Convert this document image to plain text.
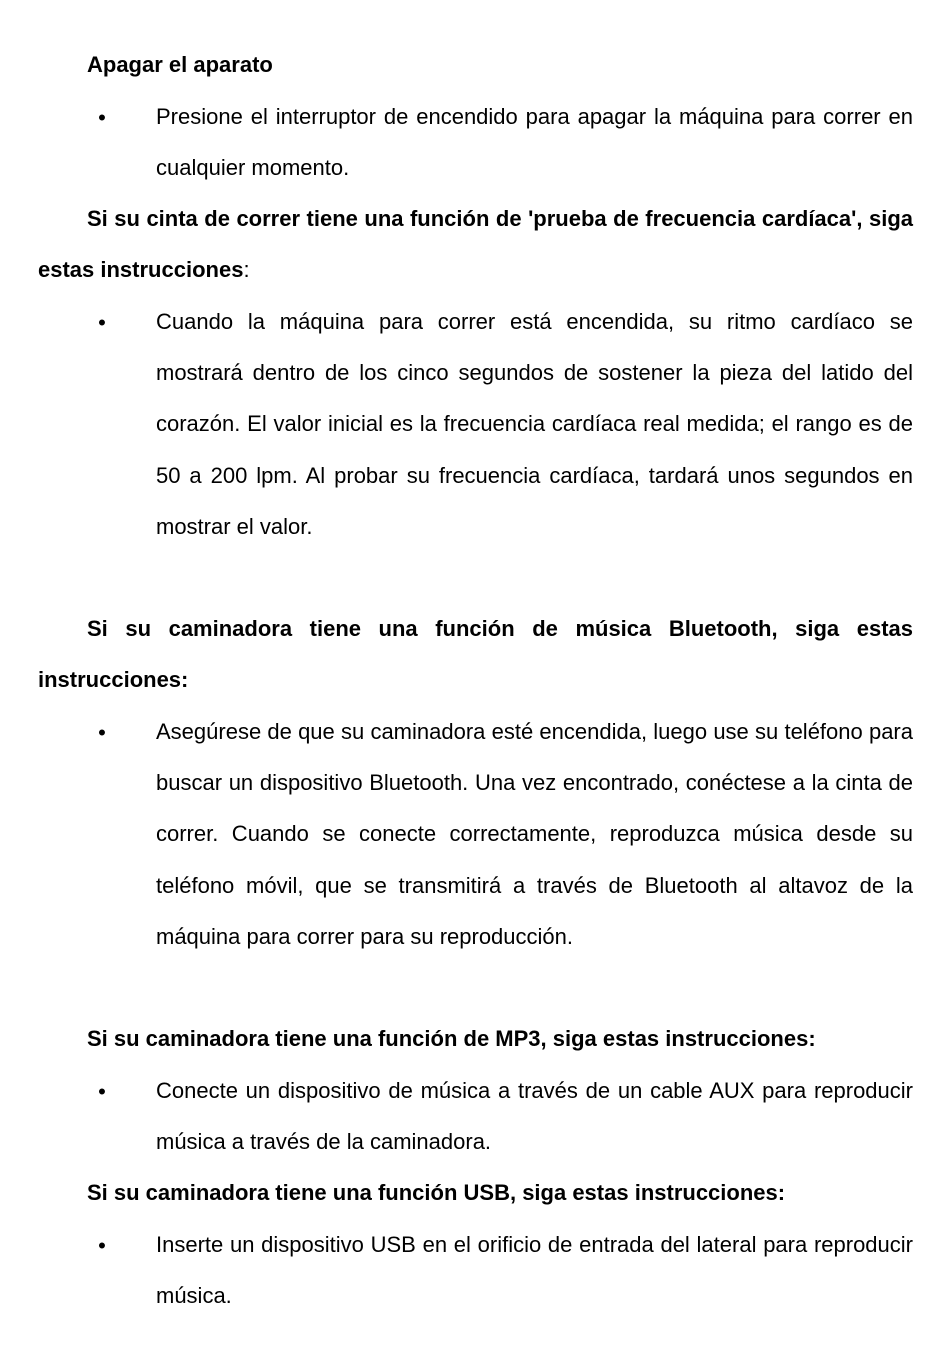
Apagar el aparato
• Presione el interruptor de encendido para apagar la máquina para correr en cualquier momento.
Si su cinta de correr tiene una función de 'prueba de frecuencia cardíaca', siga estas instrucciones:
• Cuando la máquina para correr está encendida, su ritmo cardíaco se mostrará dentro de los cinco segundos de sostener la pieza del latido del corazón. El valor inicial es la frecuencia cardíaca real medida; el rango es de 50 a 200 lpm. Al probar su frecuencia cardíaca, tardará unos segundos en mostrar el valor.
Si su caminadora tiene una función de música Bluetooth, siga estas instrucciones:
• Asegúrese de que su caminadora esté encendida, luego use su teléfono para buscar un dispositivo Bluetooth. Una vez encontrado, conéctese a la cinta de correr. Cuando se conecte correctamente, reproduzca música desde su teléfono móvil, que se transmitirá a través de Bluetooth al altavoz de la máquina para correr para su reproducción.
Si su caminadora tiene una función de MP3, siga estas instrucciones:
• Conecte un dispositivo de música a través de un cable AUX para reproducir música a través de la caminadora.
Si su caminadora tiene una función USB, siga estas instrucciones:
• Inserte un dispositivo USB en el orificio de entrada del lateral para reproducir música.
